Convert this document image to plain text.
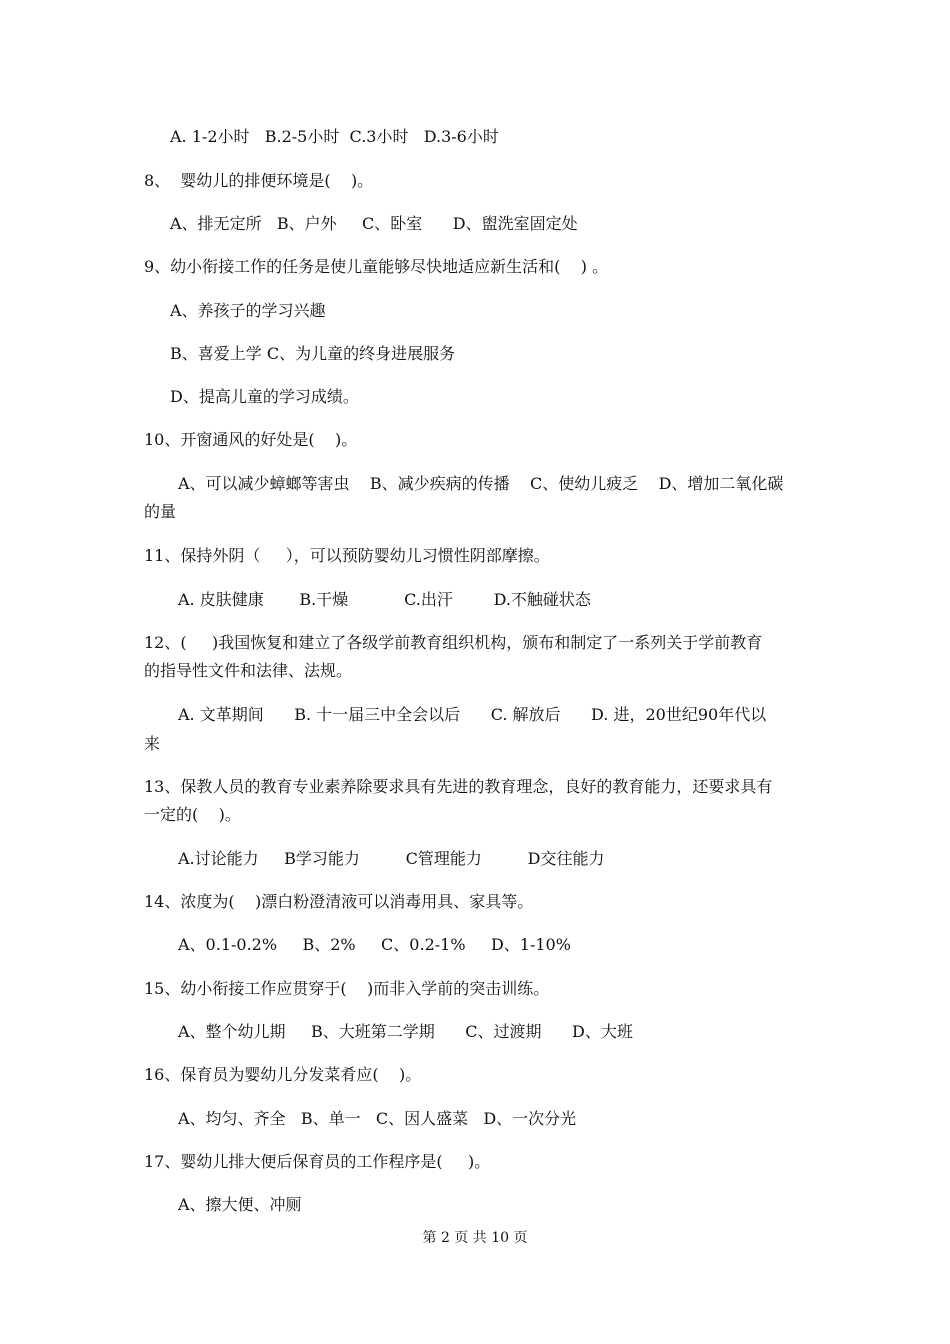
A. 1-2小时   B.2-5小时  C.3小时   D.3-6小时

8、  婴幼儿的排便环境是(    )。

A、排无定所   B、户外     C、卧室      D、盥洗室固定处

9、幼小衔接工作的任务是使儿童能够尽快地适应新生活和(    ) 。

A、养孩子的学习兴趣

B、喜爱上学 C、为儿童的终身进展服务

D、提高儿童的学习成绩。

10、开窗通风的好处是(    )。

A、可以减少蟑螂等害虫    B、减少疾病的传播    C、使幼儿疲乏    D、增加二氧化碳

的量

11、保持外阴（     ），可以预防婴幼儿习惯性阴部摩擦。

A. 皮肤健康       B.干燥           C.出汗        D.不触碰状态

12、(     )我国恢复和建立了各级学前教育组织机构，颁布和制定了一系列关于学前教育

的指导性文件和法律、法规。

A. 文革期间      B. 十一届三中全会以后      C. 解放后      D. 进，20世纪90年代以

来

13、保教人员的教育专业素养除要求具有先进的教育理念，良好的教育能力，还要求具有

一定的(    )。

A.讨论能力     B学习能力         C管理能力         D交往能力

14、浓度为(    )漂白粉澄清液可以消毒用具、家具等。

A、0.1-0.2%     B、2%     C、0.2-1%     D、1-10%

15、幼小衔接工作应贯穿于(    )而非入学前的突击训练。

A、整个幼儿期     B、大班第二学期      C、过渡期      D、大班

16、保育员为婴幼儿分发菜肴应(    )。

A、均匀、齐全   B、单一   C、因人盛菜   D、一次分光

17、婴幼儿排大便后保育员的工作程序是(     )。

A、擦大便、冲厕

第 2 页 共 10 页
